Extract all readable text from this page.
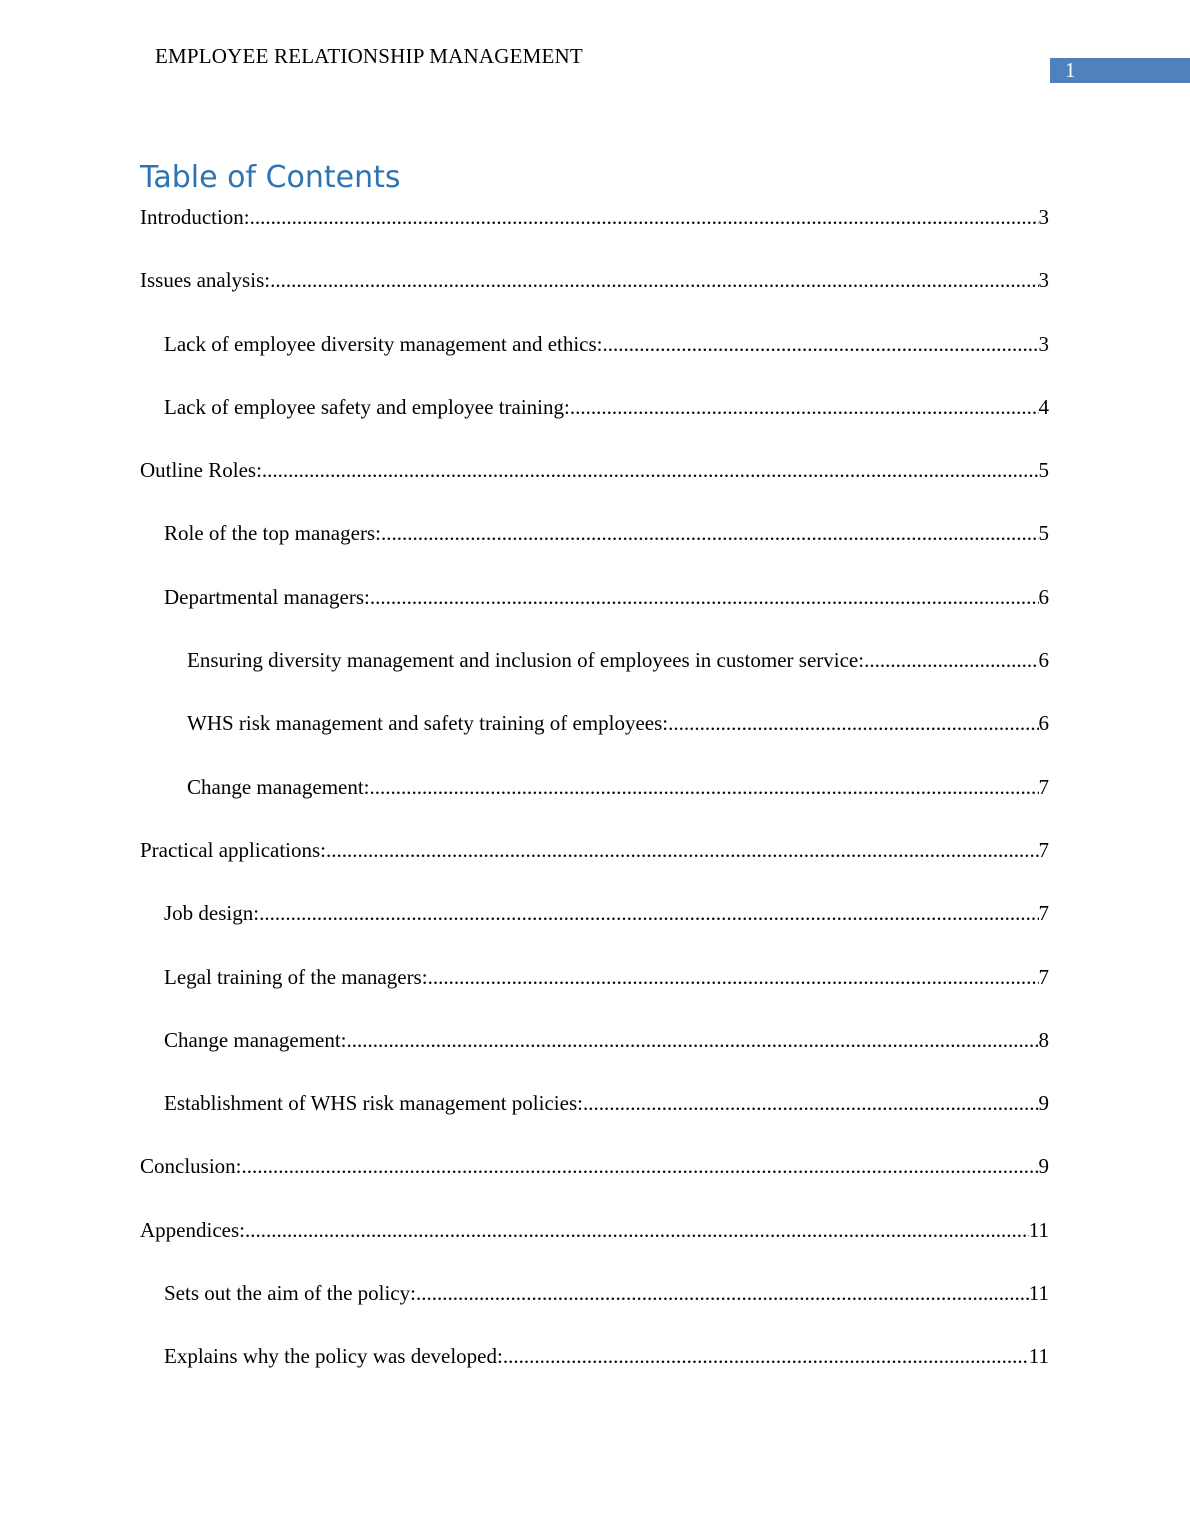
EMPLOYEE RELATIONSHIP MANAGEMENT
1
Table of Contents
Introduction: .....	3
Issues analysis: .....	3
Lack of employee diversity management and ethics: .....	3
Lack of employee safety and employee training: .....	4
Outline Roles: .....	5
Role of the top managers: .....	5
Departmental managers: .....	6
Ensuring diversity management and inclusion of employees in customer service: .....	6
WHS risk management and safety training of employees: .....	6
Change management: .....	7
Practical applications: .....	7
Job design: .....	7
Legal training of the managers: .....	7
Change management: .....	8
Establishment of WHS risk management policies: .....	9
Conclusion: .....	9
Appendices: .....	11
Sets out the aim of the policy: .....	11
Explains why the policy was developed: .....	11
